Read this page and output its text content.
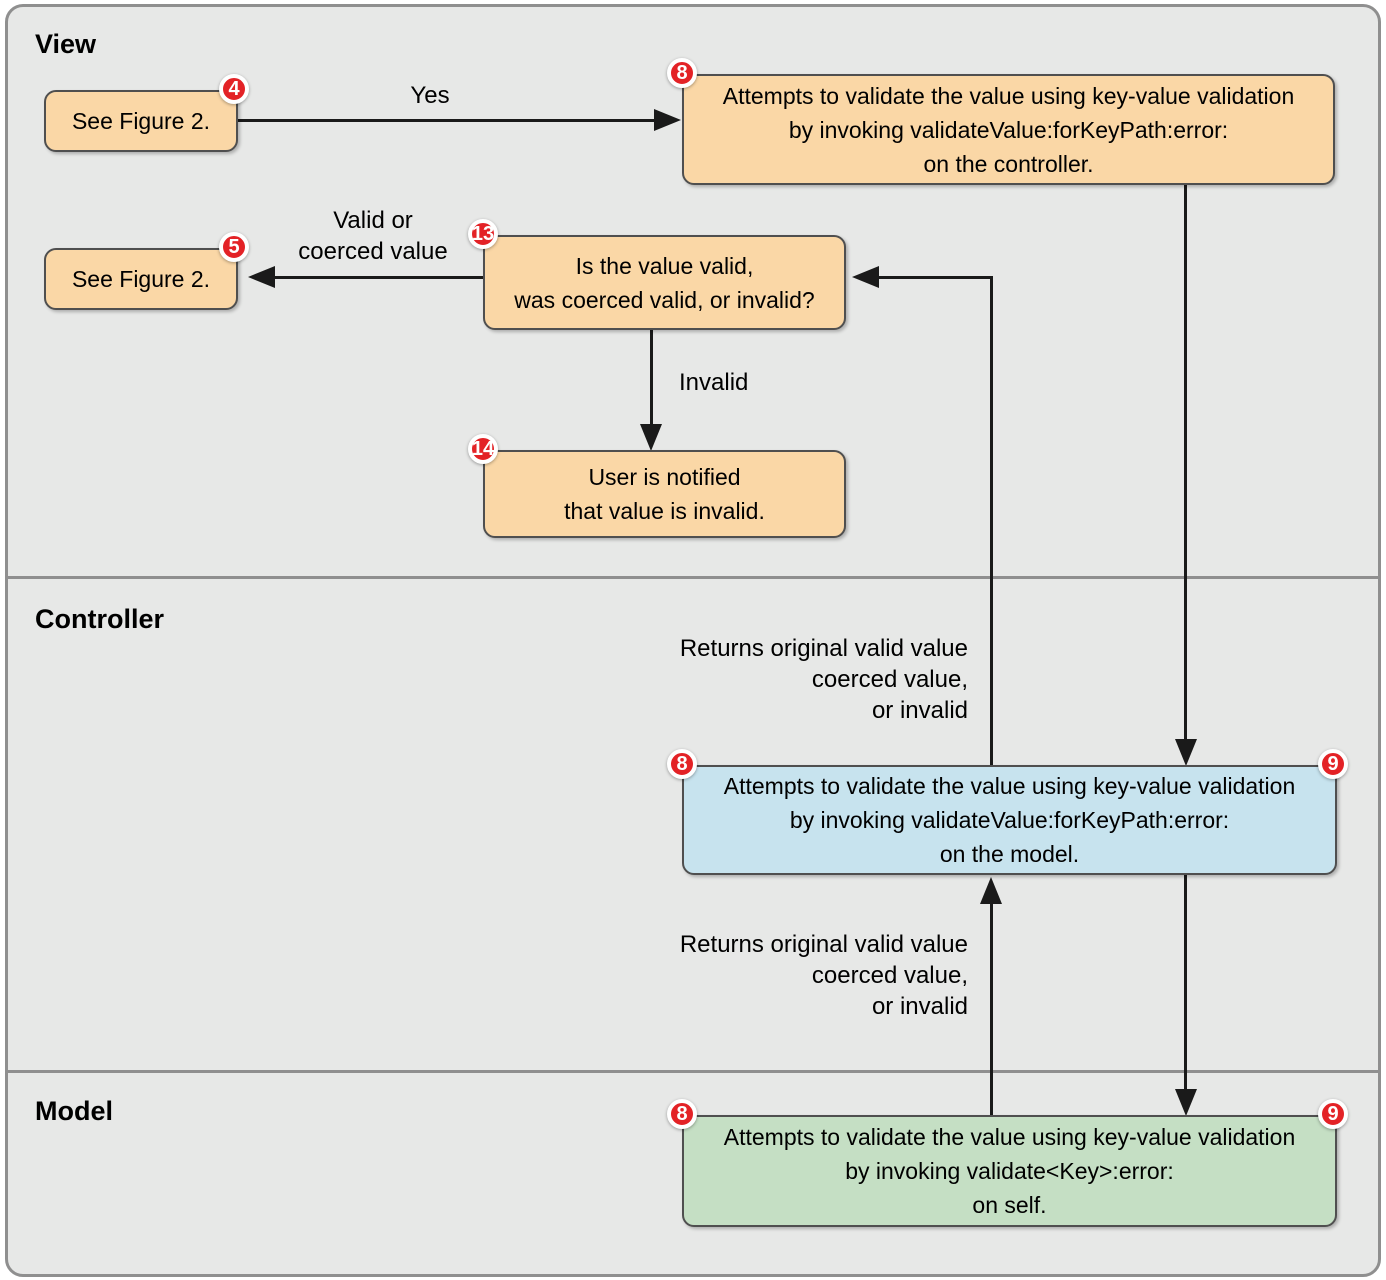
View
Controller
Model
Yes
Valid or
coerced value
Invalid
Returns original valid value
coerced value,
or invalid
Returns original valid value
coerced value,
or invalid
4
See Figure 2.
8
Attempts to validate the value using key-value validation
by invoking validateValue:forKeyPath:error:
on the controller.
5
See Figure 2.
13
Is the value valid,
was coerced valid, or invalid?
14
User is notified
that value is invalid.
8	9
Attempts to validate the value using key-value validation
by invoking validateValue:forKeyPath:error:
on the model.
8	9
Attempts to validate the value using key-value validation
by invoking validate<Key>:error:
on self.
